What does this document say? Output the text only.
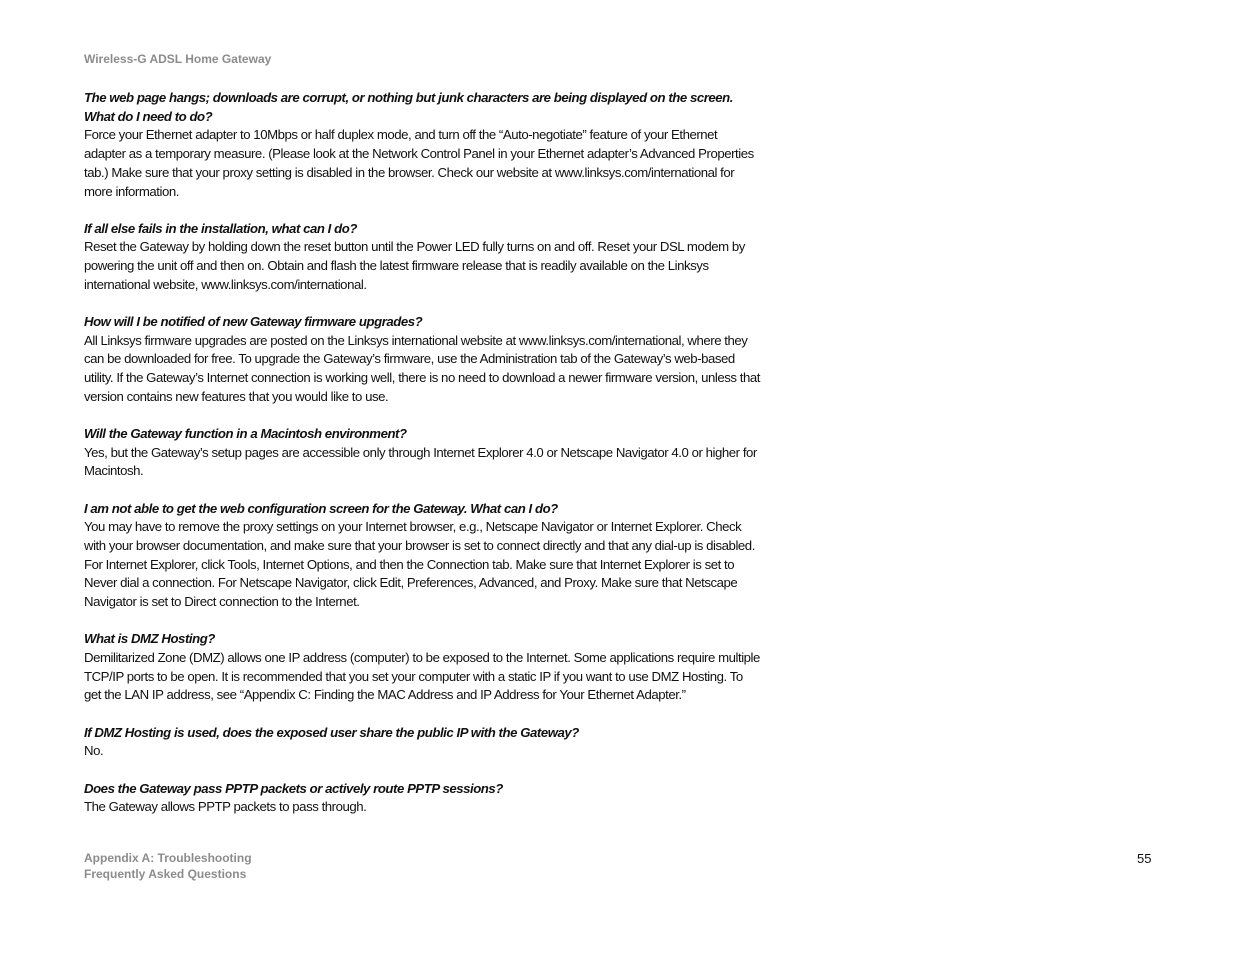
Wireless-G ADSL Home Gateway

The web page hangs; downloads are corrupt, or nothing but junk characters are being displayed on the screen. What do I need to do?

Force your Ethernet adapter to 10Mbps or half duplex mode, and turn off the “Auto-negotiate” feature of your Ethernet adapter as a temporary measure. (Please look at the Network Control Panel in your Ethernet adapter’s Advanced Properties tab.) Make sure that your proxy setting is disabled in the browser. Check our website at www.linksys.com/international for more information.

If all else fails in the installation, what can I do?

Reset the Gateway by holding down the reset button until the Power LED fully turns on and off. Reset your DSL modem by powering the unit off and then on. Obtain and flash the latest firmware release that is readily available on the Linksys international website, www.linksys.com/international.

How will I be notified of new Gateway firmware upgrades?

All Linksys firmware upgrades are posted on the Linksys international website at www.linksys.com/international, where they can be downloaded for free. To upgrade the Gateway’s firmware, use the Administration tab of the Gateway’s web-based utility. If the Gateway’s Internet connection is working well, there is no need to download a newer firmware version, unless that version contains new features that you would like to use.

Will the Gateway function in a Macintosh environment?

Yes, but the Gateway’s setup pages are accessible only through Internet Explorer 4.0 or Netscape Navigator 4.0 or higher for Macintosh.

I am not able to get the web configuration screen for the Gateway. What can I do?

You may have to remove the proxy settings on your Internet browser, e.g., Netscape Navigator or Internet Explorer. Check with your browser documentation, and make sure that your browser is set to connect directly and that any dial-up is disabled. For Internet Explorer, click Tools, Internet Options, and then the Connection tab. Make sure that Internet Explorer is set to Never dial a connection. For Netscape Navigator, click Edit, Preferences, Advanced, and Proxy. Make sure that Netscape Navigator is set to Direct connection to the Internet.

What is DMZ Hosting?

Demilitarized Zone (DMZ) allows one IP address (computer) to be exposed to the Internet. Some applications require multiple TCP/IP ports to be open. It is recommended that you set your computer with a static IP if you want to use DMZ Hosting. To get the LAN IP address, see “Appendix C: Finding the MAC Address and IP Address for Your Ethernet Adapter.”

If DMZ Hosting is used, does the exposed user share the public IP with the Gateway?

No.

Does the Gateway pass PPTP packets or actively route PPTP sessions?

The Gateway allows PPTP packets to pass through.

Appendix A: Troubleshooting
Frequently Asked Questions
55
